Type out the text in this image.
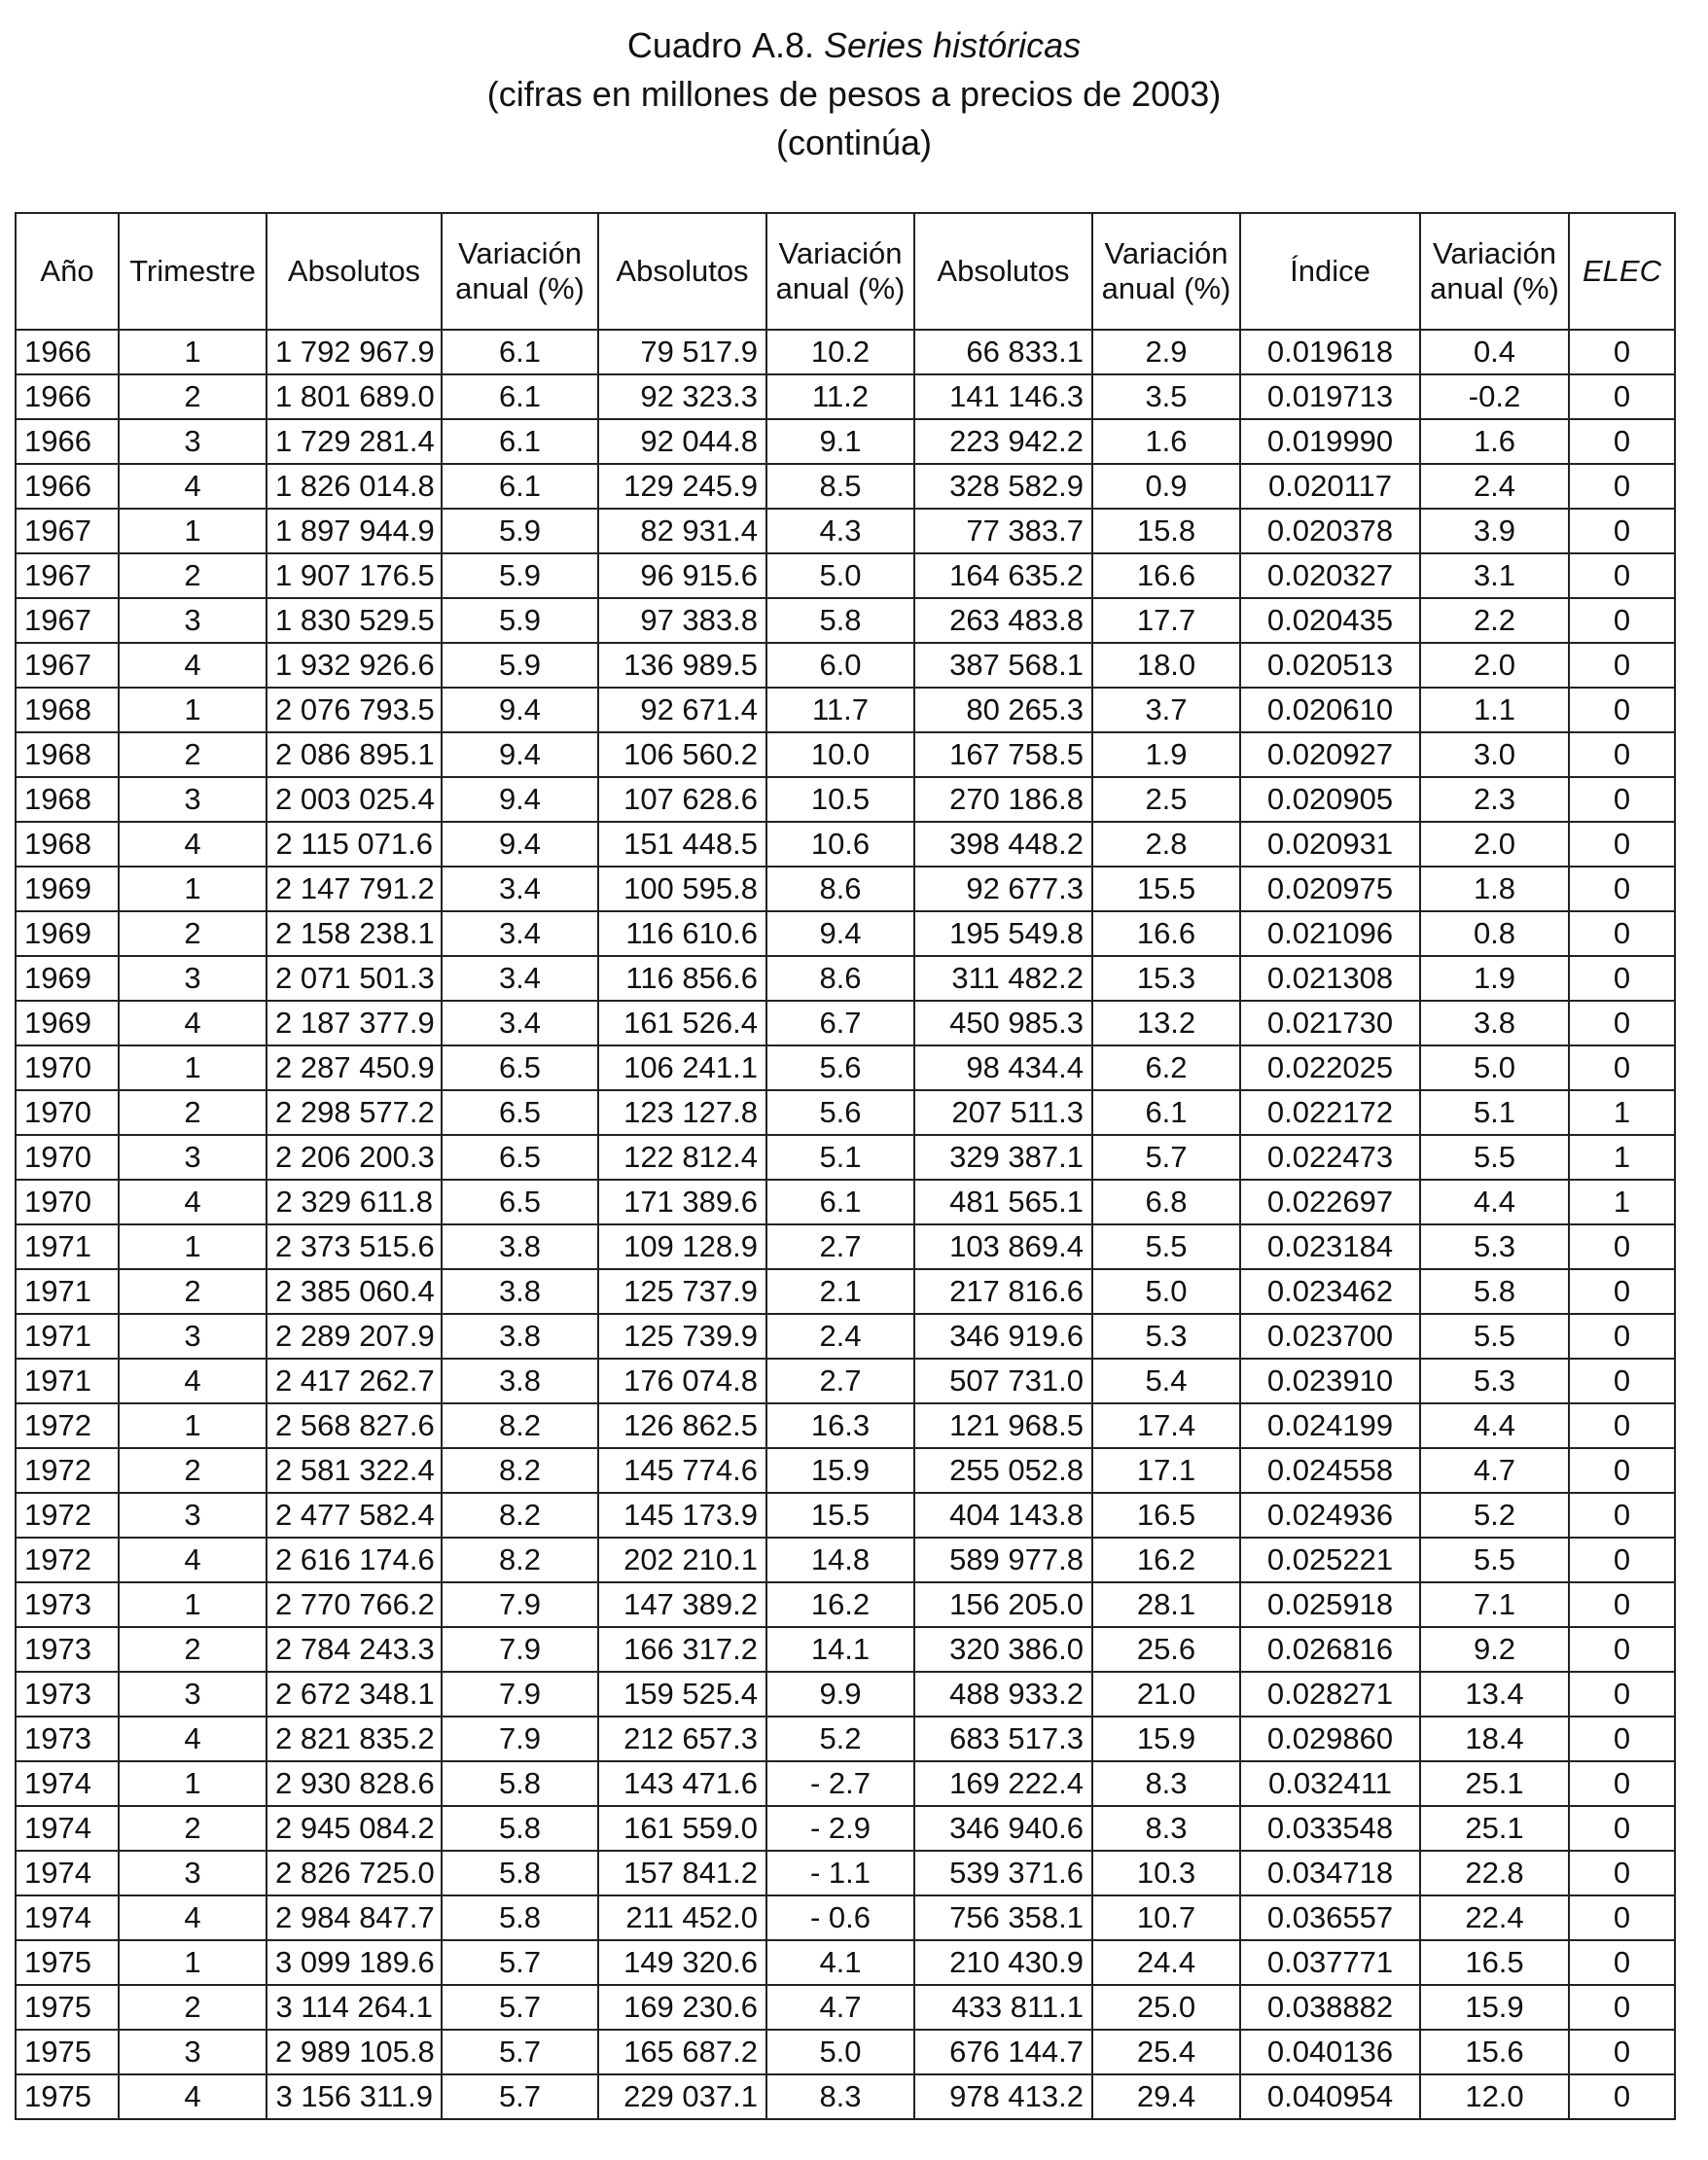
Cuadro A.8. Series históricas
(cifras en millones de pesos a precios de 2003)
(continúa)
Año	Trimestre	Absolutos	Variación anual (%)	Absolutos	Variación anual (%)	Absolutos	Variación anual (%)	Índice	Variación anual (%)	ELEC
1966	1	1 792 967.9	6.1	79 517.9	10.2	66 833.1	2.9	0.019618	0.4	0
1966	2	1 801 689.0	6.1	92 323.3	11.2	141 146.3	3.5	0.019713	-0.2	0
1966	3	1 729 281.4	6.1	92 044.8	9.1	223 942.2	1.6	0.019990	1.6	0
1966	4	1 826 014.8	6.1	129 245.9	8.5	328 582.9	0.9	0.020117	2.4	0
1967	1	1 897 944.9	5.9	82 931.4	4.3	77 383.7	15.8	0.020378	3.9	0
1967	2	1 907 176.5	5.9	96 915.6	5.0	164 635.2	16.6	0.020327	3.1	0
1967	3	1 830 529.5	5.9	97 383.8	5.8	263 483.8	17.7	0.020435	2.2	0
1967	4	1 932 926.6	5.9	136 989.5	6.0	387 568.1	18.0	0.020513	2.0	0
1968	1	2 076 793.5	9.4	92 671.4	11.7	80 265.3	3.7	0.020610	1.1	0
1968	2	2 086 895.1	9.4	106 560.2	10.0	167 758.5	1.9	0.020927	3.0	0
1968	3	2 003 025.4	9.4	107 628.6	10.5	270 186.8	2.5	0.020905	2.3	0
1968	4	2 115 071.6	9.4	151 448.5	10.6	398 448.2	2.8	0.020931	2.0	0
1969	1	2 147 791.2	3.4	100 595.8	8.6	92 677.3	15.5	0.020975	1.8	0
1969	2	2 158 238.1	3.4	116 610.6	9.4	195 549.8	16.6	0.021096	0.8	0
1969	3	2 071 501.3	3.4	116 856.6	8.6	311 482.2	15.3	0.021308	1.9	0
1969	4	2 187 377.9	3.4	161 526.4	6.7	450 985.3	13.2	0.021730	3.8	0
1970	1	2 287 450.9	6.5	106 241.1	5.6	98 434.4	6.2	0.022025	5.0	0
1970	2	2 298 577.2	6.5	123 127.8	5.6	207 511.3	6.1	0.022172	5.1	1
1970	3	2 206 200.3	6.5	122 812.4	5.1	329 387.1	5.7	0.022473	5.5	1
1970	4	2 329 611.8	6.5	171 389.6	6.1	481 565.1	6.8	0.022697	4.4	1
1971	1	2 373 515.6	3.8	109 128.9	2.7	103 869.4	5.5	0.023184	5.3	0
1971	2	2 385 060.4	3.8	125 737.9	2.1	217 816.6	5.0	0.023462	5.8	0
1971	3	2 289 207.9	3.8	125 739.9	2.4	346 919.6	5.3	0.023700	5.5	0
1971	4	2 417 262.7	3.8	176 074.8	2.7	507 731.0	5.4	0.023910	5.3	0
1972	1	2 568 827.6	8.2	126 862.5	16.3	121 968.5	17.4	0.024199	4.4	0
1972	2	2 581 322.4	8.2	145 774.6	15.9	255 052.8	17.1	0.024558	4.7	0
1972	3	2 477 582.4	8.2	145 173.9	15.5	404 143.8	16.5	0.024936	5.2	0
1972	4	2 616 174.6	8.2	202 210.1	14.8	589 977.8	16.2	0.025221	5.5	0
1973	1	2 770 766.2	7.9	147 389.2	16.2	156 205.0	28.1	0.025918	7.1	0
1973	2	2 784 243.3	7.9	166 317.2	14.1	320 386.0	25.6	0.026816	9.2	0
1973	3	2 672 348.1	7.9	159 525.4	9.9	488 933.2	21.0	0.028271	13.4	0
1973	4	2 821 835.2	7.9	212 657.3	5.2	683 517.3	15.9	0.029860	18.4	0
1974	1	2 930 828.6	5.8	143 471.6	- 2.7	169 222.4	8.3	0.032411	25.1	0
1974	2	2 945 084.2	5.8	161 559.0	- 2.9	346 940.6	8.3	0.033548	25.1	0
1974	3	2 826 725.0	5.8	157 841.2	- 1.1	539 371.6	10.3	0.034718	22.8	0
1974	4	2 984 847.7	5.8	211 452.0	- 0.6	756 358.1	10.7	0.036557	22.4	0
1975	1	3 099 189.6	5.7	149 320.6	4.1	210 430.9	24.4	0.037771	16.5	0
1975	2	3 114 264.1	5.7	169 230.6	4.7	433 811.1	25.0	0.038882	15.9	0
1975	3	2 989 105.8	5.7	165 687.2	5.0	676 144.7	25.4	0.040136	15.6	0
1975	4	3 156 311.9	5.7	229 037.1	8.3	978 413.2	29.4	0.040954	12.0	0
